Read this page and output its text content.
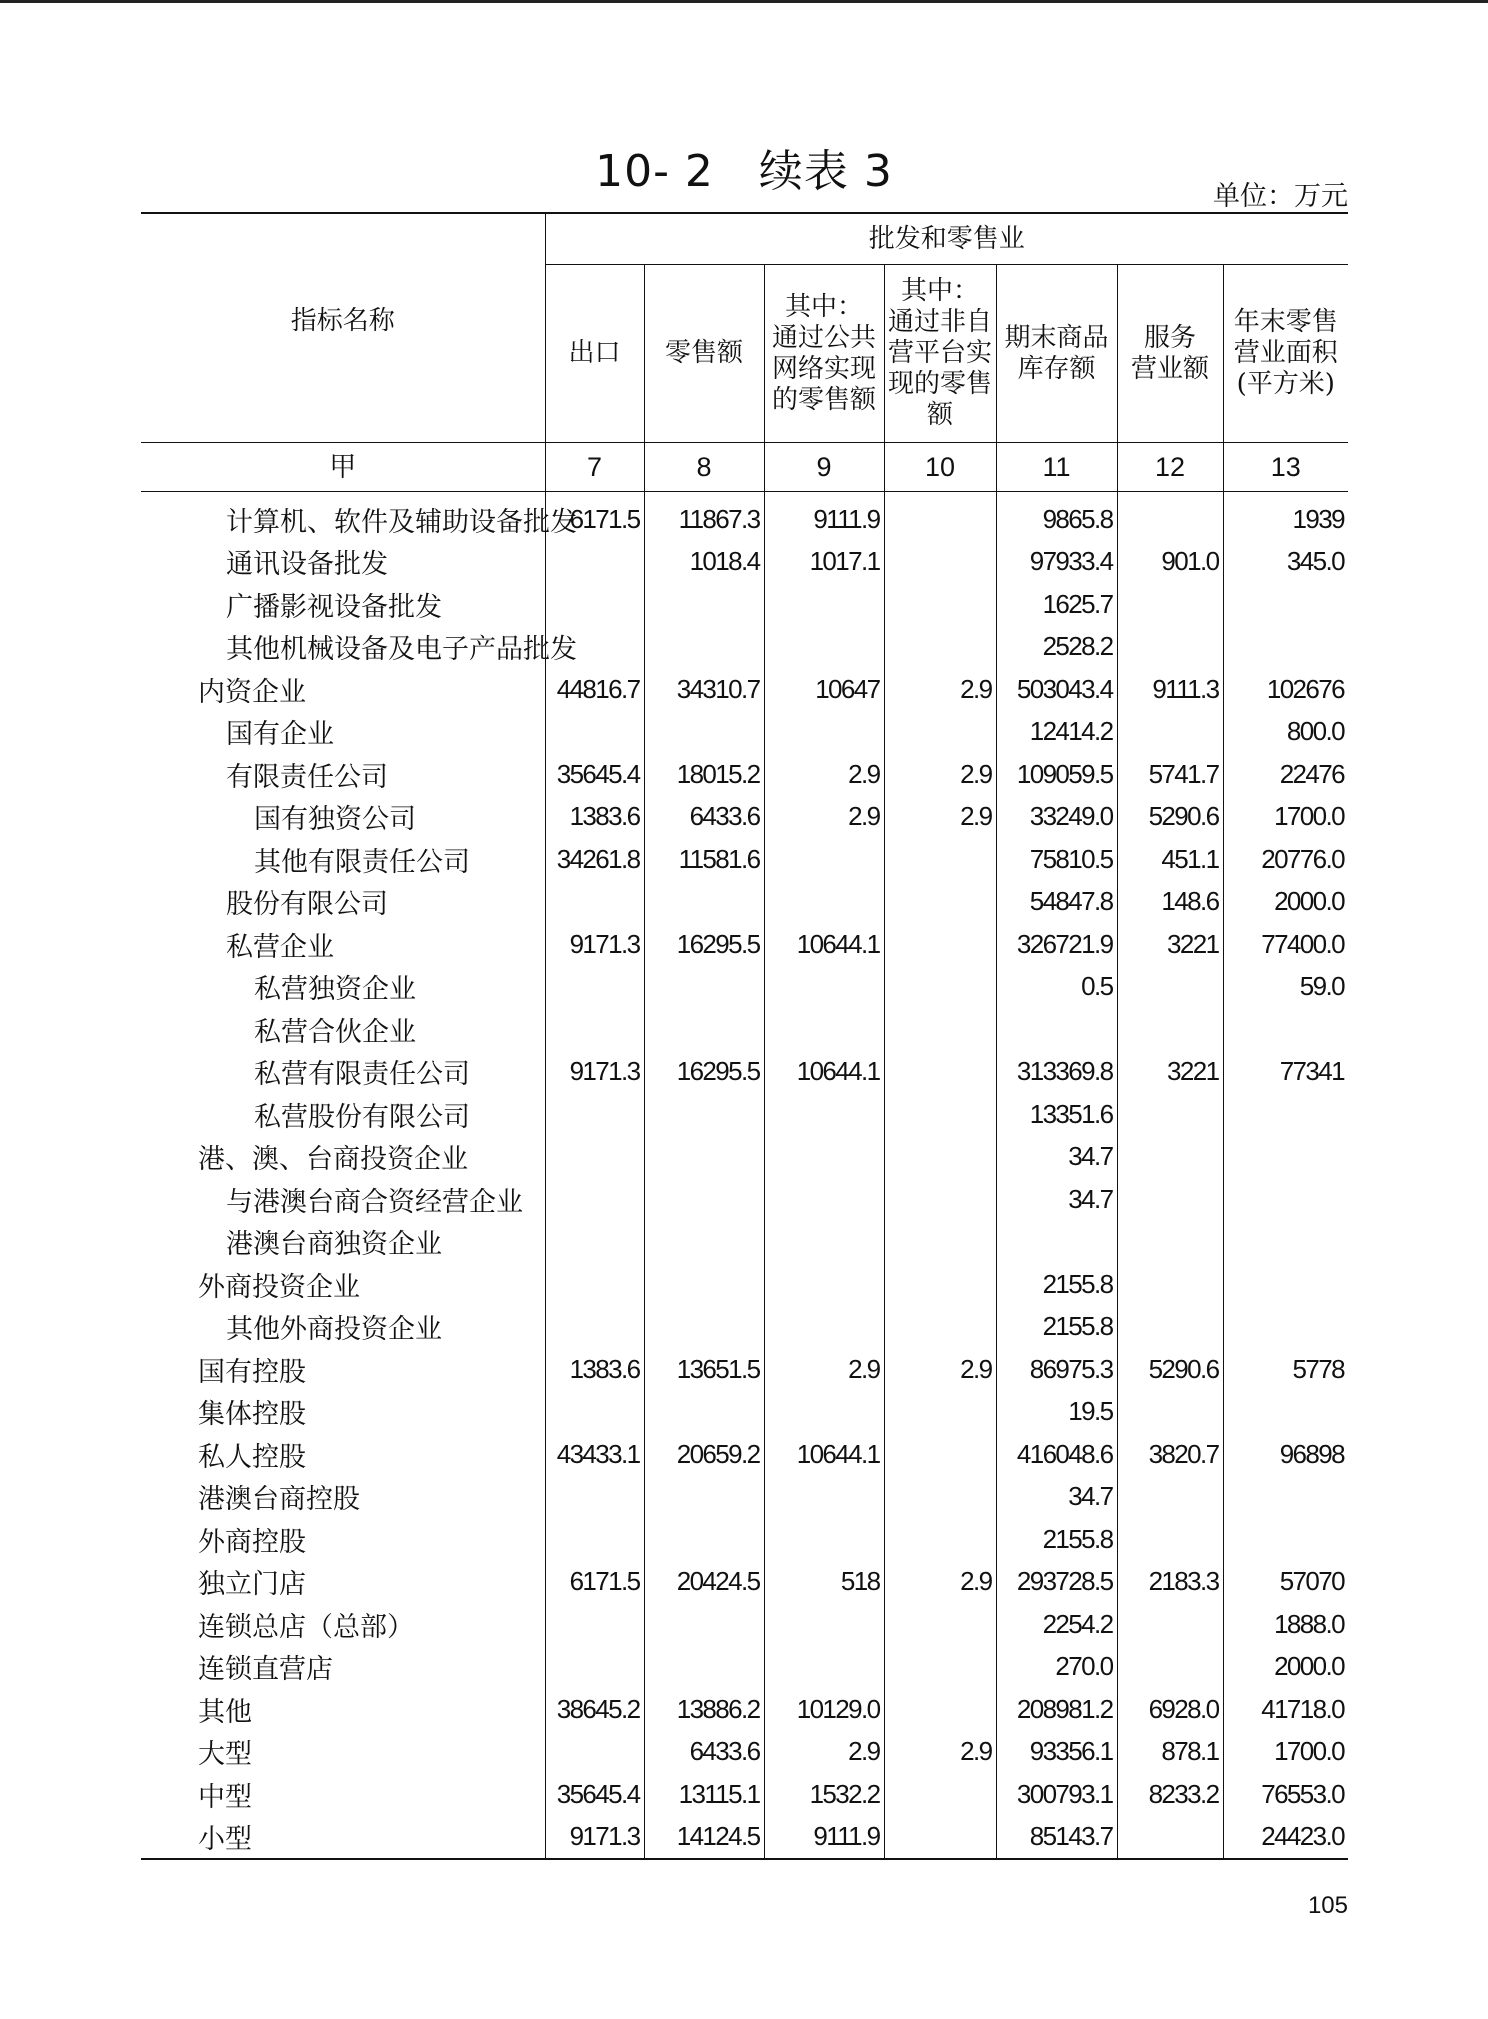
10- 2　续表 3	单位：万元
指标名称	批发和零售业						
	出口	零售额	其中：
通过公共
网络实现
的零售额	其中：
通过非自
营平台实
现的零售
额	期末商品
库存额	服务
营业额	年末零售
营业面积
(平方米)
甲	7	8	9	10	11	12	13
计算机、软件及辅助设备批发	6171.5	11867.3	9111.9		9865.8		1939
通讯设备批发		1018.4	1017.1		97933.4	901.0	345.0
广播影视设备批发					1625.7		
其他机械设备及电子产品批发					2528.2		
内资企业	44816.7	34310.7	10647	2.9	503043.4	9111.3	102676
国有企业					12414.2		800.0
有限责任公司	35645.4	18015.2	2.9	2.9	109059.5	5741.7	22476
国有独资公司	1383.6	6433.6	2.9	2.9	33249.0	5290.6	1700.0
其他有限责任公司	34261.8	11581.6			75810.5	451.1	20776.0
股份有限公司					54847.8	148.6	2000.0
私营企业	9171.3	16295.5	10644.1		326721.9	3221	77400.0
私营独资企业					0.5		59.0
私营合伙企业							
私营有限责任公司	9171.3	16295.5	10644.1		313369.8	3221	77341
私营股份有限公司					13351.6		
港、澳、台商投资企业					34.7		
与港澳台商合资经营企业					34.7		
港澳台商独资企业							
外商投资企业					2155.8		
其他外商投资企业					2155.8		
国有控股	1383.6	13651.5	2.9	2.9	86975.3	5290.6	5778
集体控股					19.5		
私人控股	43433.1	20659.2	10644.1		416048.6	3820.7	96898
港澳台商控股					34.7		
外商控股					2155.8		
独立门店	6171.5	20424.5	518	2.9	293728.5	2183.3	57070
连锁总店（总部）					2254.2		1888.0
连锁直营店					270.0		2000.0
其他	38645.2	13886.2	10129.0		208981.2	6928.0	41718.0
大型		6433.6	2.9	2.9	93356.1	878.1	1700.0
中型	35645.4	13115.1	1532.2		300793.1	8233.2	76553.0
小型	9171.3	14124.5	9111.9		85143.7		24423.0
105
